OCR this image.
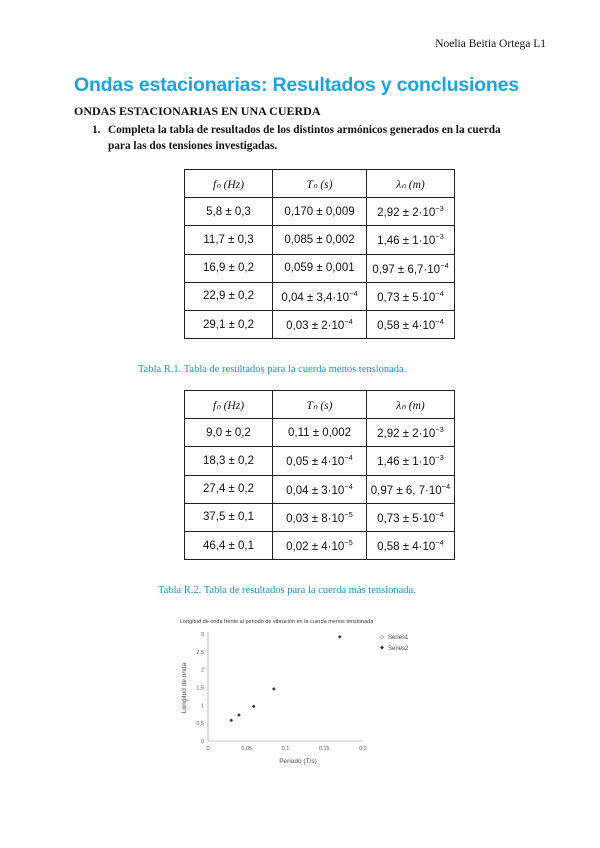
Noelia Beitia Ortega L1
Ondas estacionarias: Resultados y conclusiones
ONDAS ESTACIONARIAS EN UNA CUERDA
1. Completa la tabla de resultados de los distintos armónicos generados en la cuerda para las dos tensiones investigadas.
fₙ (Hz)	Tₙ (s)	λₙ (m)
5,8 ± 0,3	0,170 ± 0,009	$2,92 \pm 2\cdot 10^{-3}$
11,7 ± 0,3	0,085 ± 0,002	$1,46 \pm 1\cdot 10^{-3}$
16,9 ± 0,2	0,059 ± 0,001	$0,97 \pm 6,7\cdot 10^{-4}$
22,9 ± 0,2	$0,04 \pm 3,4\cdot 10^{-4}$	$0,73 \pm 5\cdot 10^{-4}$
29,1 ± 0,2	$0,03 \pm 2\cdot 10^{-4}$	$0,58 \pm 4\cdot 10^{-4}$
Tabla R.1. Tabla de resultados para la cuerda menos tensionada.
fₙ (Hz)	Tₙ (s)	λₙ (m)
9,0 ± 0,2	0,11 ± 0,002	$2,92 \pm 2\cdot 10^{-3}$
18,3 ± 0,2	$0,05 \pm 4\cdot 10^{-4}$	$1,46 \pm 1\cdot 10^{-3}$
27,4 ± 0,2	$0,04 \pm 3\cdot 10^{-4}$	0,97 ± 6, $7\cdot 10^{-4}$
37,5 ± 0,1	$0,03 \pm 8\cdot 10^{-5}$	$0,73 \pm 5\cdot 10^{-4}$
46,4 ± 0,1	$0,02 \pm 4\cdot 10^{-5}$	$0,58 \pm 4\cdot 10^{-4}$
Tabla R.2. Tabla de resultados para la cuerda más tensionada.
Longitud de onda frente al periodo de vibración en la cuerda menos tensionada
0
0,5
1
1,5
2
2,5
3
0	0,05	0,1	0,15	0,2
Periodo (T/s)
Longitud de onda
Series1
Series2
